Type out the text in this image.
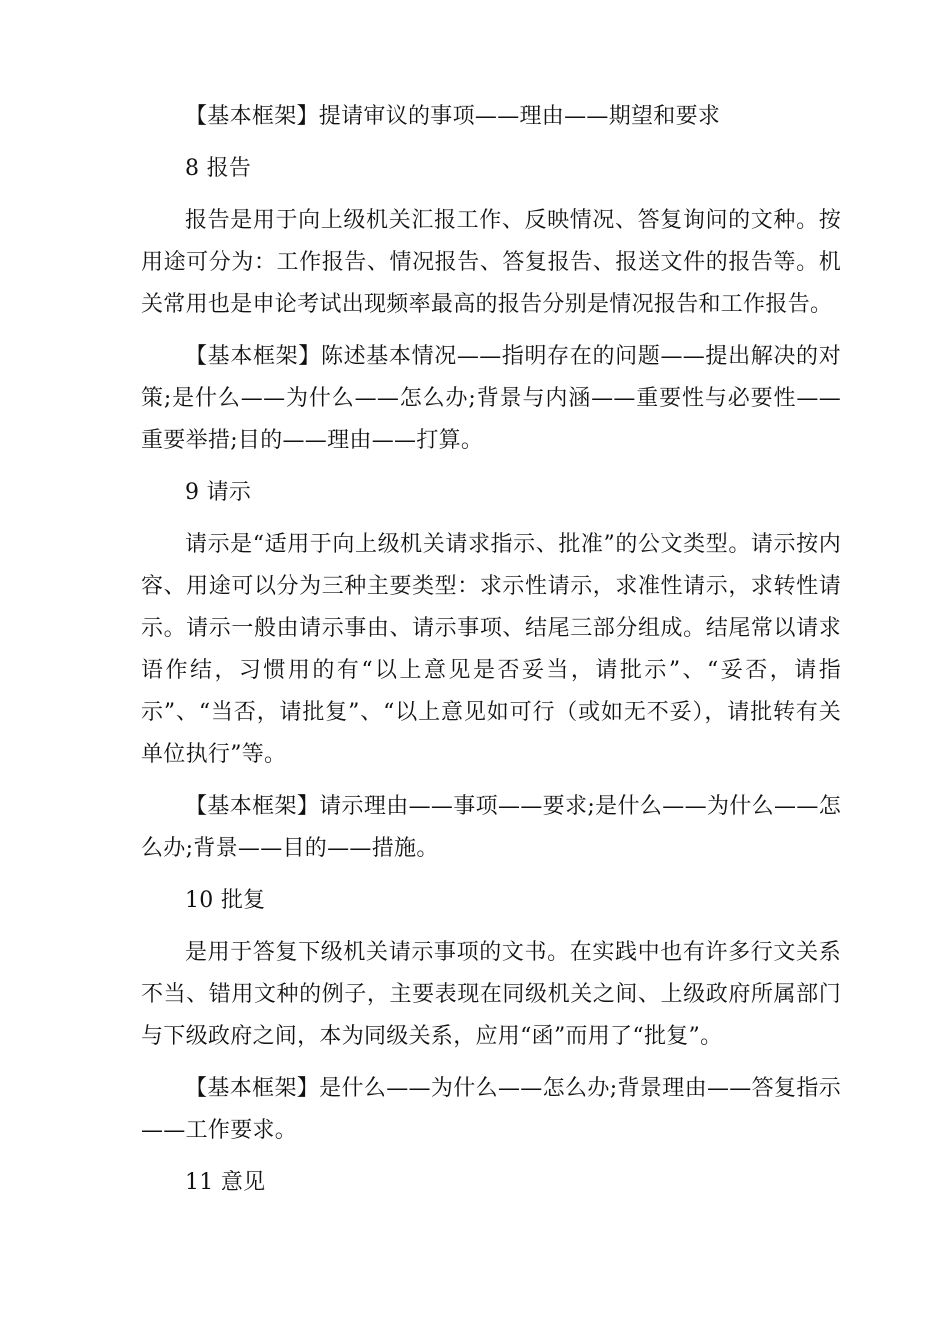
【基本框架】提请审议的事项——理由——期望和要求

8 报告

报告是用于向上级机关汇报工作、反映情况、答复询问的文种。按用途可分为：工作报告、情况报告、答复报告、报送文件的报告等。机关常用也是申论考试出现频率最高的报告分别是情况报告和工作报告。

【基本框架】陈述基本情况——指明存在的问题——提出解决的对策;是什么——为什么——怎么办;背景与内涵——重要性与必要性——重要举措;目的——理由——打算。

9 请示

请示是“适用于向上级机关请求指示、批准”的公文类型。请示按内容、用途可以分为三种主要类型：求示性请示，求准性请示，求转性请示。请示一般由请示事由、请示事项、结尾三部分组成。结尾常以请求语作结，习惯用的有“以上意见是否妥当，请批示”、“妥否，请指示”、“当否，请批复”、“以上意见如可行（或如无不妥），请批转有关单位执行”等。

【基本框架】请示理由——事项——要求;是什么——为什么——怎么办;背景——目的——措施。

10 批复

是用于答复下级机关请示事项的文书。在实践中也有许多行文关系不当、错用文种的例子，主要表现在同级机关之间、上级政府所属部门与下级政府之间，本为同级关系，应用“函”而用了“批复”。

【基本框架】是什么——为什么——怎么办;背景理由——答复指示——工作要求。

11 意见
